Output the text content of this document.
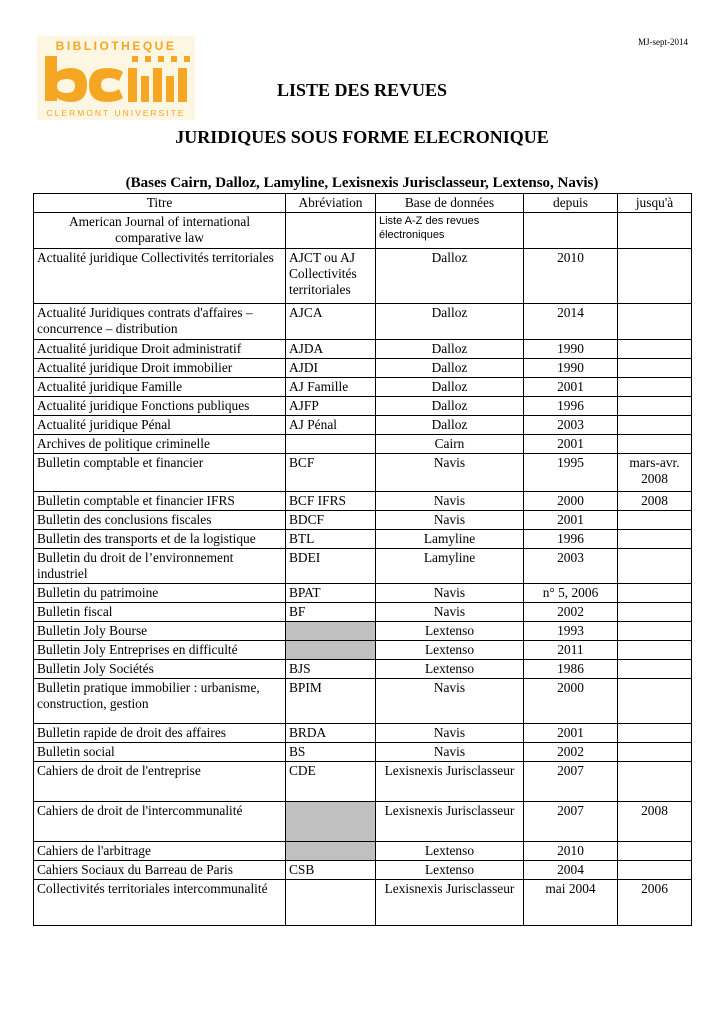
BIBLIOTHEQUE
CLERMONT UNIVERSITE
MJ-sept-2014
LISTE DES REVUES
JURIDIQUES SOUS FORME ELECRONIQUE
(Bases Cairn, Dalloz, Lamyline, Lexisnexis Jurisclasseur, Lextenso, Navis)
Titre	Abréviation	Base de données	depuis	jusqu'à
American Journal of international comparative law		Liste A-Z des revues électroniques		
Actualité juridique Collectivités territoriales	AJCT ou AJ Collectivités territoriales	Dalloz	2010	
Actualité Juridiques contrats d'affaires – concurrence – distribution	AJCA	Dalloz	2014	
Actualité juridique Droit administratif	AJDA	Dalloz	1990	
Actualité juridique Droit immobilier	AJDI	Dalloz	1990	
Actualité juridique Famille	AJ Famille	Dalloz	2001	
Actualité juridique Fonctions publiques	AJFP	Dalloz	1996	
Actualité juridique Pénal	AJ Pénal	Dalloz	2003	
Archives de politique criminelle		Cairn	2001	
Bulletin comptable et financier	BCF	Navis	1995	mars-avr. 2008
Bulletin comptable et financier IFRS	BCF IFRS	Navis	2000	2008
Bulletin des conclusions fiscales	BDCF	Navis	2001	
Bulletin des transports et de la logistique	BTL	Lamyline	1996	
Bulletin du droit de l’environnement industriel	BDEI	Lamyline	2003	
Bulletin du patrimoine	BPAT	Navis	n° 5, 2006	
Bulletin fiscal	BF	Navis	2002	
Bulletin Joly Bourse		Lextenso	1993	
Bulletin Joly Entreprises en difficulté		Lextenso	2011	
Bulletin Joly Sociétés	BJS	Lextenso	1986	
Bulletin pratique immobilier : urbanisme, construction, gestion	BPIM	Navis	2000	
Bulletin rapide de droit des affaires	BRDA	Navis	2001	
Bulletin social	BS	Navis	2002	
Cahiers de droit de l'entreprise	CDE	Lexisnexis Jurisclasseur	2007	
Cahiers de droit de l'intercommunalité		Lexisnexis Jurisclasseur	2007	2008
Cahiers de l'arbitrage		Lextenso	2010	
Cahiers Sociaux du Barreau de Paris	CSB	Lextenso	2004	
Collectivités territoriales intercommunalité		Lexisnexis Jurisclasseur	mai 2004	2006
